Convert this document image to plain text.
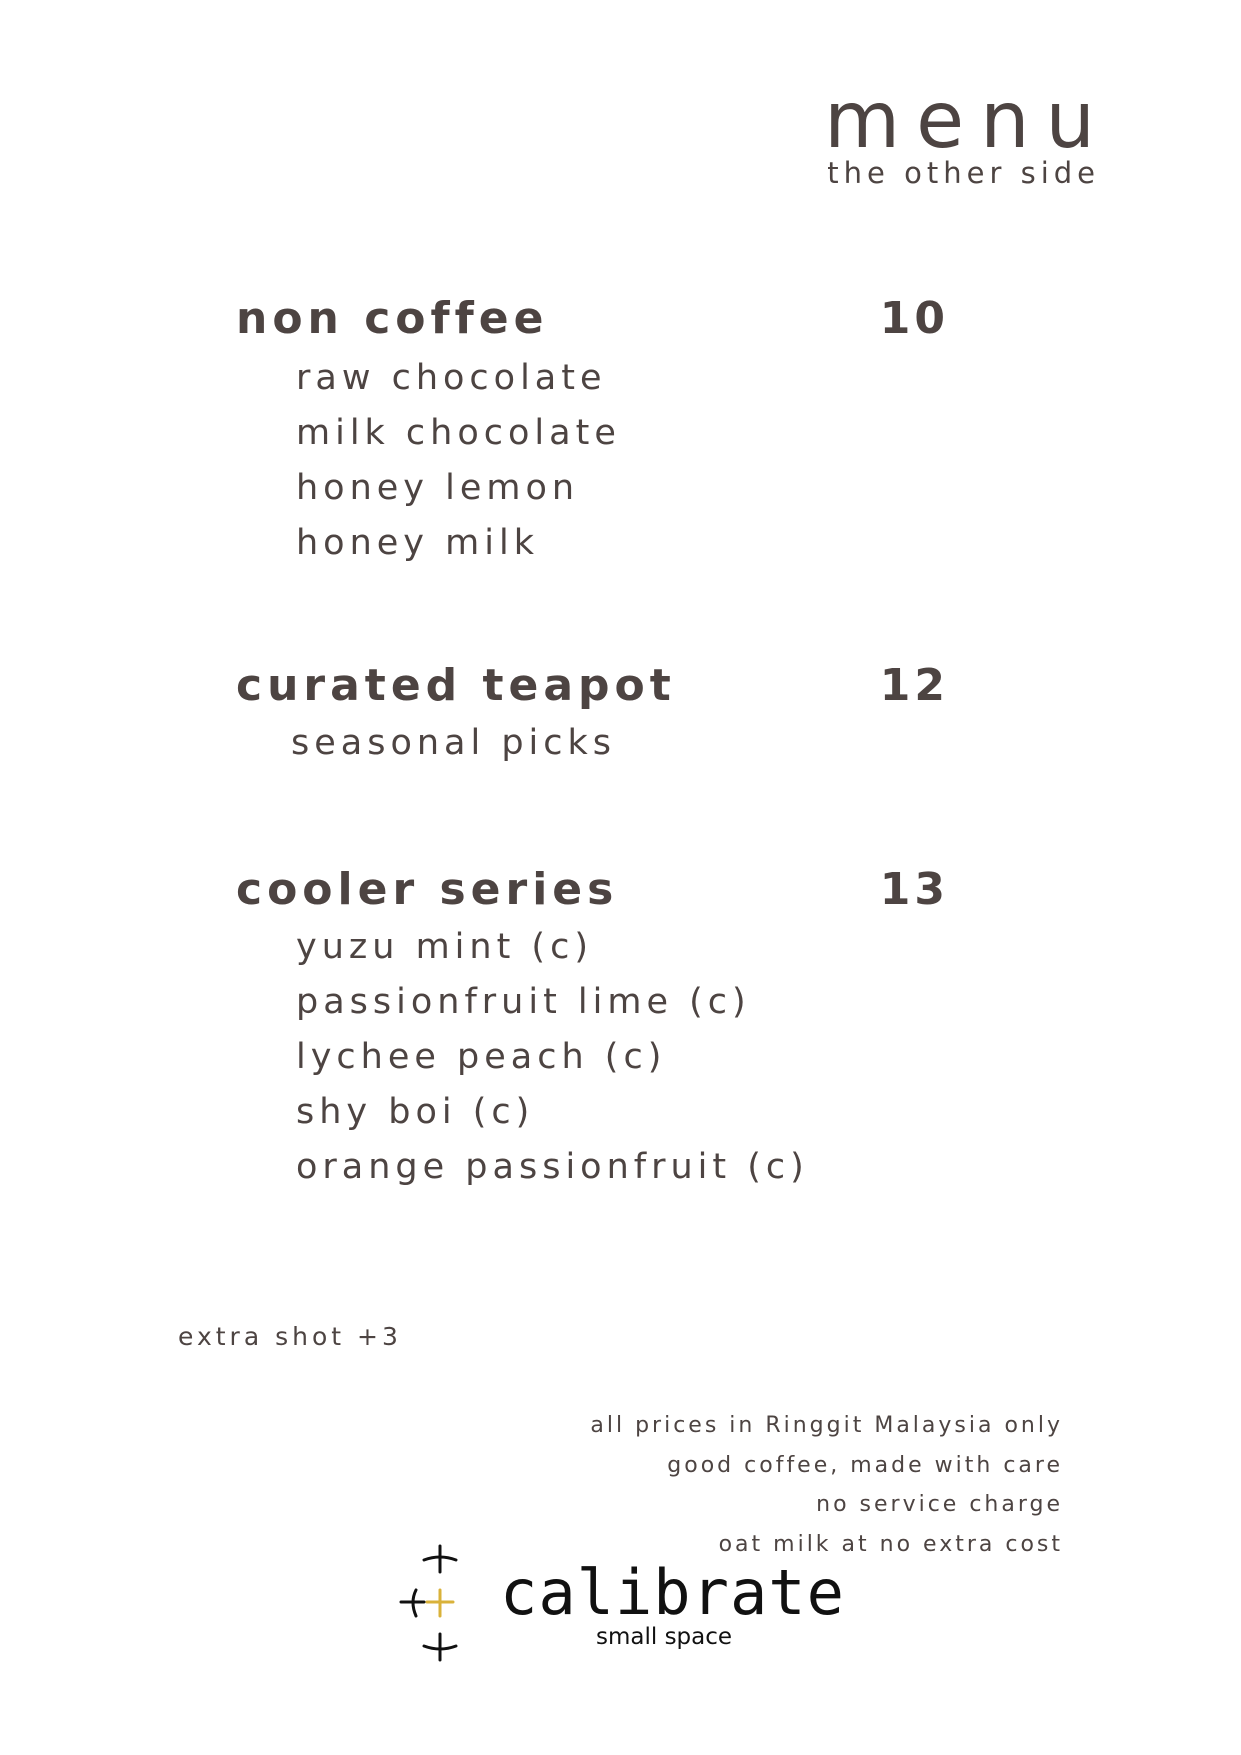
menu
the other side
non coffee	10
raw chocolate
milk chocolate
honey lemon
honey milk
curated teapot	12
seasonal picks
cooler series	13
yuzu mint (c)
passionfruit lime (c)
lychee peach (c)
shy boi (c)
orange passionfruit (c)
extra shot +3
all prices in Ringgit Malaysia only
good coffee, made with care
no service charge
oat milk at no extra cost
calibrate
small space
